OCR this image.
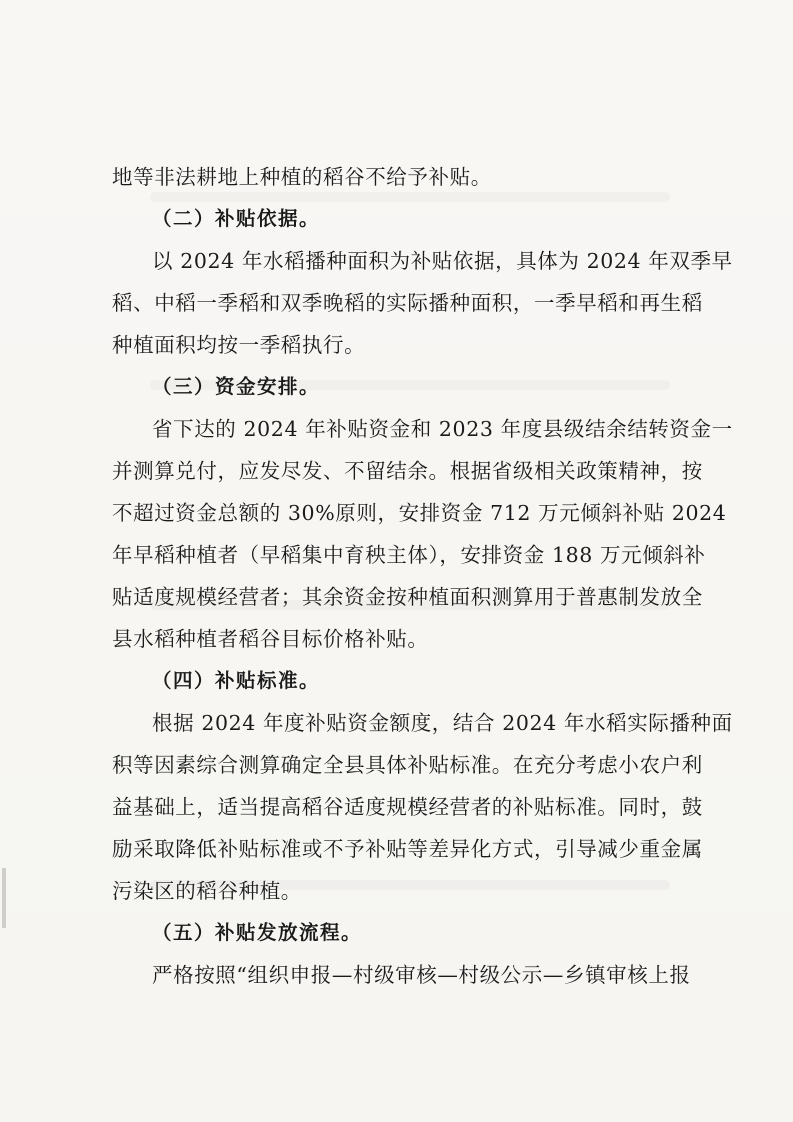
地等非法耕地上种植的稻谷不给予补贴。
（二）补贴依据。
以 2024 年水稻播种面积为补贴依据，具体为 2024 年双季早
稻、中稻一季稻和双季晚稻的实际播种面积，一季早稻和再生稻
种植面积均按一季稻执行。
（三）资金安排。
省下达的 2024 年补贴资金和 2023 年度县级结余结转资金一
并测算兑付，应发尽发、不留结余。根据省级相关政策精神，按
不超过资金总额的 30%原则，安排资金 712 万元倾斜补贴 2024
年早稻种植者（早稻集中育秧主体），安排资金 188 万元倾斜补
贴适度规模经营者；其余资金按种植面积测算用于普惠制发放全
县水稻种植者稻谷目标价格补贴。
（四）补贴标准。
根据 2024 年度补贴资金额度，结合 2024 年水稻实际播种面
积等因素综合测算确定全县具体补贴标准。在充分考虑小农户利
益基础上，适当提高稻谷适度规模经营者的补贴标准。同时，鼓
励采取降低补贴标准或不予补贴等差异化方式，引导减少重金属
污染区的稻谷种植。
（五）补贴发放流程。
严格按照“组织申报—村级审核—村级公示—乡镇审核上报
